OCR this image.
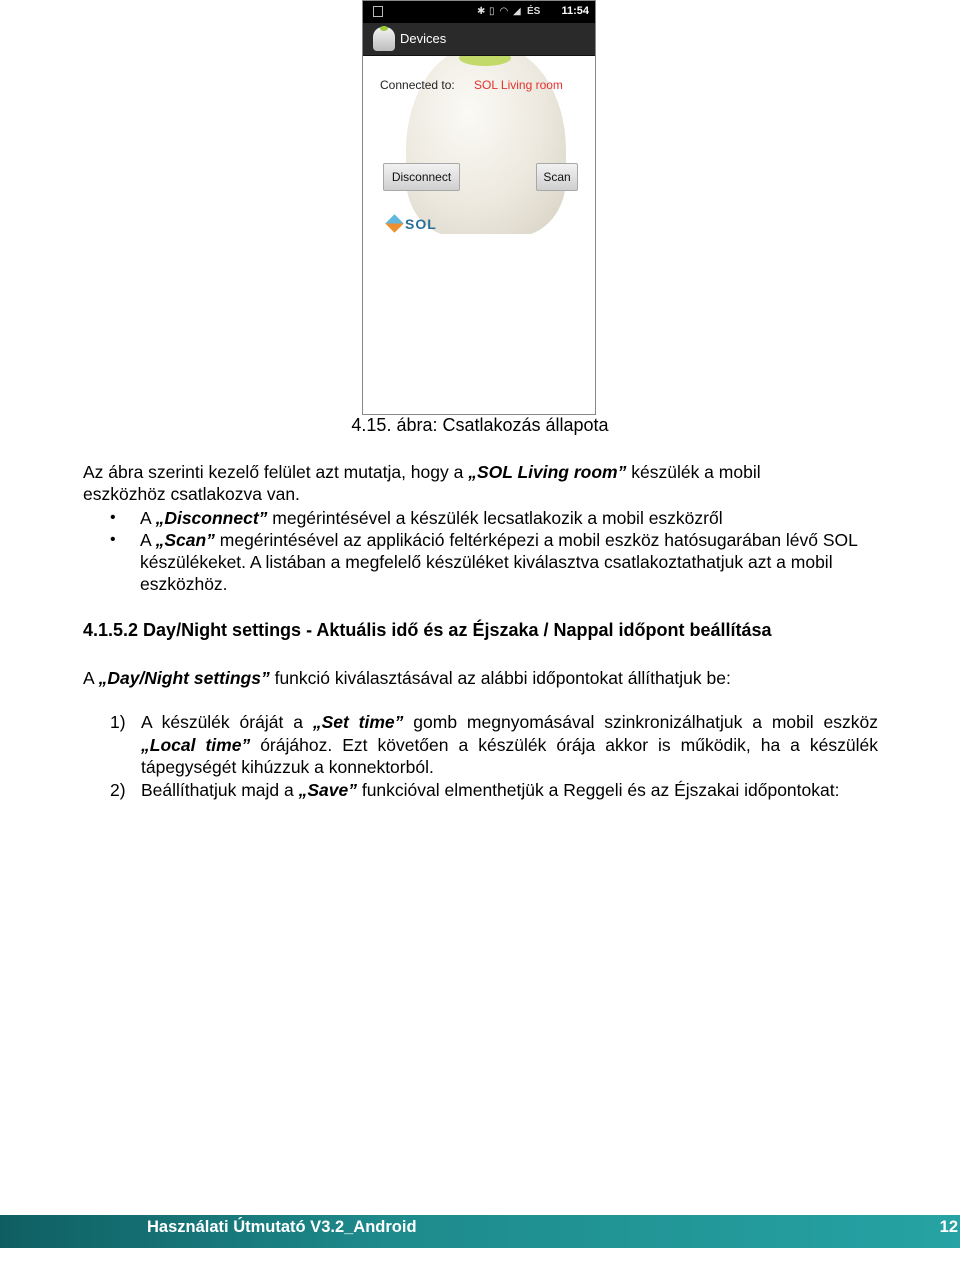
✱ ▯ ◠ ◢ ÉS 11:54
Devices
Connected to: SOL Living room
Disconnect	Scan
SOL
4.15. ábra: Csatlakozás állapota
Az ábra szerinti kezelő felület azt mutatja, hogy a „SOL Living room” készülék a mobil
eszközhöz csatlakozva van.
• A „Disconnect” megérintésével a készülék lecsatlakozik a mobil eszközről
• A „Scan” megérintésével az applikáció feltérképezi a mobil eszköz hatósugarában lévő SOL készülékeket. A listában a megfelelő készüléket kiválasztva csatlakoztathatjuk azt a mobil eszközhöz.
4.1.5.2 Day/Night settings - Aktuális idő és az Éjszaka / Nappal időpont beállítása
A „Day/Night settings” funkció kiválasztásával az alábbi időpontokat állíthatjuk be:
1) A készülék óráját a „Set time” gomb megnyomásával szinkronizálhatjuk a mobil eszköz „Local time” órájához. Ezt követően a készülék órája akkor is működik, ha a készülék tápegységét kihúzzuk a konnektorból.
2) Beállíthatjuk majd a „Save” funkcióval elmenthetjük a Reggeli és az Éjszakai időpontokat:
Használati Útmutató V3.2_Android	12
